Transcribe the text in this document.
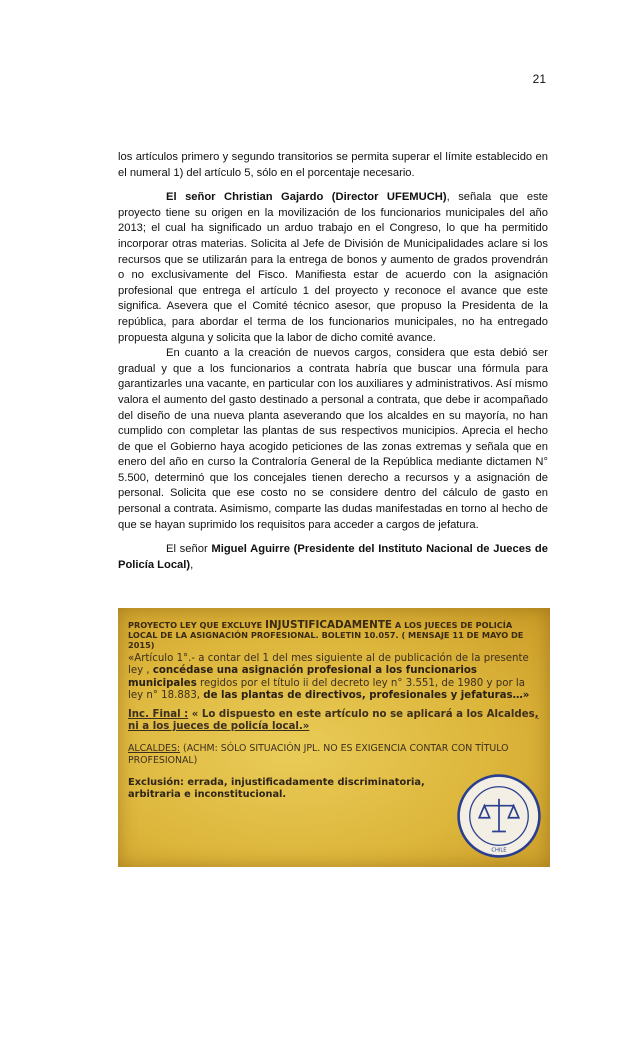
21

los artículos primero y segundo transitorios se permita superar el límite establecido en el numeral 1) del artículo 5, sólo en el porcentaje necesario.

El señor Christian Gajardo (Director UFEMUCH), señala que este proyecto tiene su origen en la movilización de los funcionarios municipales del año 2013; el cual ha significado un arduo trabajo en el Congreso, lo que ha permitido incorporar otras materias. Solicita al Jefe de División de Municipalidades aclare si los recursos que se utilizarán para la entrega de bonos y aumento de grados provendrán o no exclusivamente del Fisco. Manifiesta estar de acuerdo con la asignación profesional que entrega el artículo 1 del proyecto y reconoce el avance que este significa. Asevera que el Comité técnico asesor, que propuso la Presidenta de la república, para abordar el terma de los funcionarios municipales, no ha entregado propuesta alguna y solicita que la labor de dicho comité avance.

En cuanto a la creación de nuevos cargos, considera que esta debió ser gradual y que a los funcionarios a contrata habría que buscar una fórmula para garantizarles una vacante, en particular con los auxiliares y administrativos. Así mismo valora el aumento del gasto destinado a personal a contrata, que debe ir acompañado del diseño de una nueva planta aseverando que los alcaldes en su mayoría, no han cumplido con completar las plantas de sus respectivos municipios. Aprecia el hecho de que el Gobierno haya acogido peticiones de las zonas extremas y señala que en enero del año en curso la Contraloría General de la República mediante dictamen N° 5.500, determinó que los concejales tienen derecho a recursos y a asignación de personal. Solicita que ese costo no se considere dentro del cálculo de gasto en personal a contrata. Asimismo, comparte las dudas manifestadas en torno al hecho de que se hayan suprimido los requisitos para acceder a cargos de jefatura.

El señor Miguel Aguirre (Presidente del Instituto Nacional de Jueces de Policía Local),

PROYECTO LEY QUE EXCLUYE INJUSTIFICADAMENTE A LOS JUECES DE POLICÍA LOCAL DE LA ASIGNACIÓN PROFESIONAL. BOLETIN 10.057. ( MENSAJE 11 DE MAYO DE 2015)
«Artículo 1°.- a contar del 1 del mes siguiente al de publicación de la presente ley , concédase una asignación profesional a los funcionarios municipales regidos por el título ii del decreto ley n° 3.551, de 1980 y por la ley n° 18.883, de las plantas de directivos, profesionales y jefaturas…»
Inc. Final : « Lo dispuesto en este artículo no se aplicará a los Alcaldes, ni a los jueces de policía local.»
ALCALDES: (ACHM: SÓLO SITUACIÓN JPL. NO ES EXIGENCIA CONTAR CON TÍTULO PROFESIONAL)
Exclusión: errada, injustificadamente discriminatoria, arbitraria e inconstitucional.
CHILE
